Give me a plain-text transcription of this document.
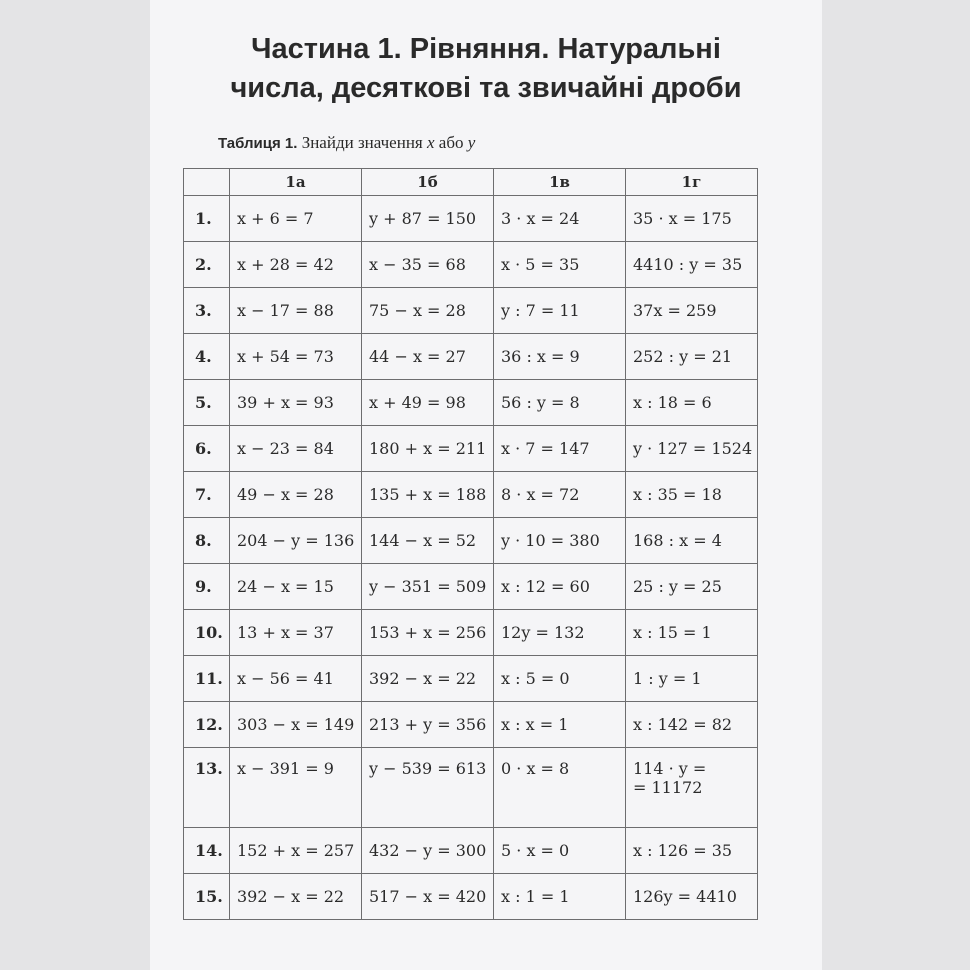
Частина 1. Рівняння. Натуральні
числа, десяткові та звичайні дроби
Таблиця 1. Знайди значення x або y
	1а	1б	1в	1г
1.	x + 6 = 7	y + 87 = 150	3 · x = 24	35 · x = 175
2.	x + 28 = 42	x − 35 = 68	x · 5 = 35	4410 : y = 35
3.	x − 17 = 88	75 − x = 28	y : 7 = 11	37x = 259
4.	x + 54 = 73	44 − x = 27	36 : x = 9	252 : y = 21
5.	39 + x = 93	x + 49 = 98	56 : y = 8	x : 18 = 6
6.	x − 23 = 84	180 + x = 211	x · 7 = 147	y · 127 = 1524
7.	49 − x = 28	135 + x = 188	8 · x = 72	x : 35 = 18
8.	204 − y = 136	144 − x = 52	y · 10 = 380	168 : x = 4
9.	24 − x = 15	y − 351 = 509	x : 12 = 60	25 : y = 25
10.	13 + x = 37	153 + x = 256	12y = 132	x : 15 = 1
11.	x − 56 = 41	392 − x = 22	x : 5 = 0	1 : y = 1
12.	303 − x = 149	213 + y = 356	x : x = 1	x : 142 = 82
13.	x − 391 = 9	y − 539 = 613	0 · x = 8	114 · y =
= 11172
14.	152 + x = 257	432 − y = 300	5 · x = 0	x : 126 = 35
15.	392 − x = 22	517 − x = 420	x : 1 = 1	126y = 4410
